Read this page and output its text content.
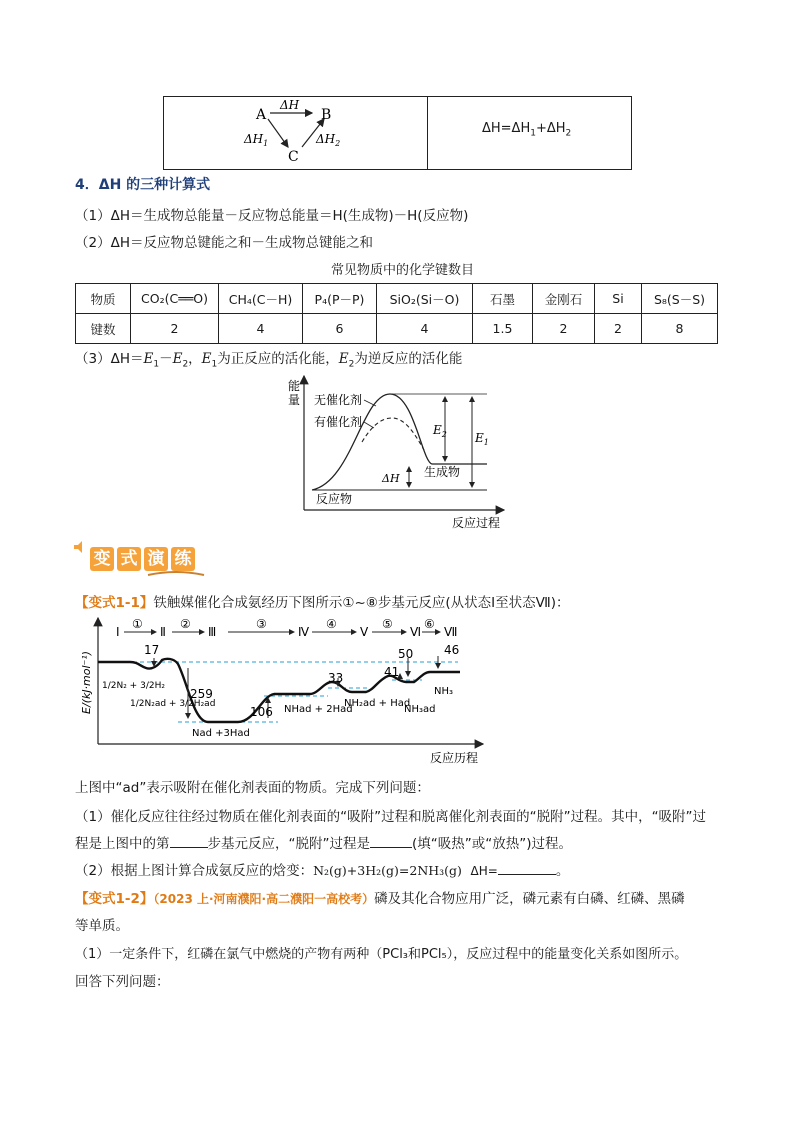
A	B
C
ΔH
$\Delta H_1$	$\Delta H_2$
$\Delta H=\Delta H_1+\Delta H_2$
4．ΔH 的三种计算式
（1）ΔH＝生成物总能量－反应物总能量＝H(生成物)－H(反应物)
（2）ΔH＝反应物总键能之和－生成物总键能之和
常见物质中的化学键数目
物质	CO₂(C══O)	CH₄(C－H)	P₄(P－P)	SiO₂(Si－O)	石墨	金刚石	Si	S₈(S－S)
键数	2	4	6	4	1.5	2	2	8
$(3)\Delta H=E_1-E_2$，$E_1$为正反应的活化能，$E_2$为逆反应的活化能
能
量
$E_2$ $E_1$
ΔH
无催化剂
有催化剂
生成物
反应物
反应过程
变 式 演 练
【变式1-1】铁触媒催化合成氨经历下图所示①~⑧步基元反应(从状态Ⅰ至状态Ⅶ)：
E/(kJ·mol⁻¹)
反应历程
Ⅰ	Ⅱ	Ⅲ	Ⅳ	Ⅴ	Ⅵ Ⅶ
①	②	③	④	⑤	⑥
17
259
106
33
50
41
46
1/2N₂ + 3/2H₂
1/2N₂ad + 3/2H₂ad
Nad +3Had
NHad + 2Had
NH₂ad + Had
NH₃ad
NH₃
上图中“ad”表示吸附在催化剂表面的物质。完成下列问题：
（1）催化反应往往经过物质在催化剂表面的“吸附”过程和脱离催化剂表面的“脱附”过程。其中，“吸附”过
程是上图中的第	步基元反应，“脱附”过程是	(填“吸热”或“放热”)过程。
（2）根据上图计算合成氨反应的焓变：N₂(g)+3H₂(g)=2NH₃(g) ΔH=	。
【变式1-2】（2023 上·河南濮阳·高二濮阳一高校考）磷及其化合物应用广泛，磷元素有白磷、红磷、黑磷
等单质。
（1）一定条件下，红磷在氯气中燃烧的产物有两种（PCl₃和PCl₅），反应过程中的能量变化关系如图所示。
回答下列问题：
